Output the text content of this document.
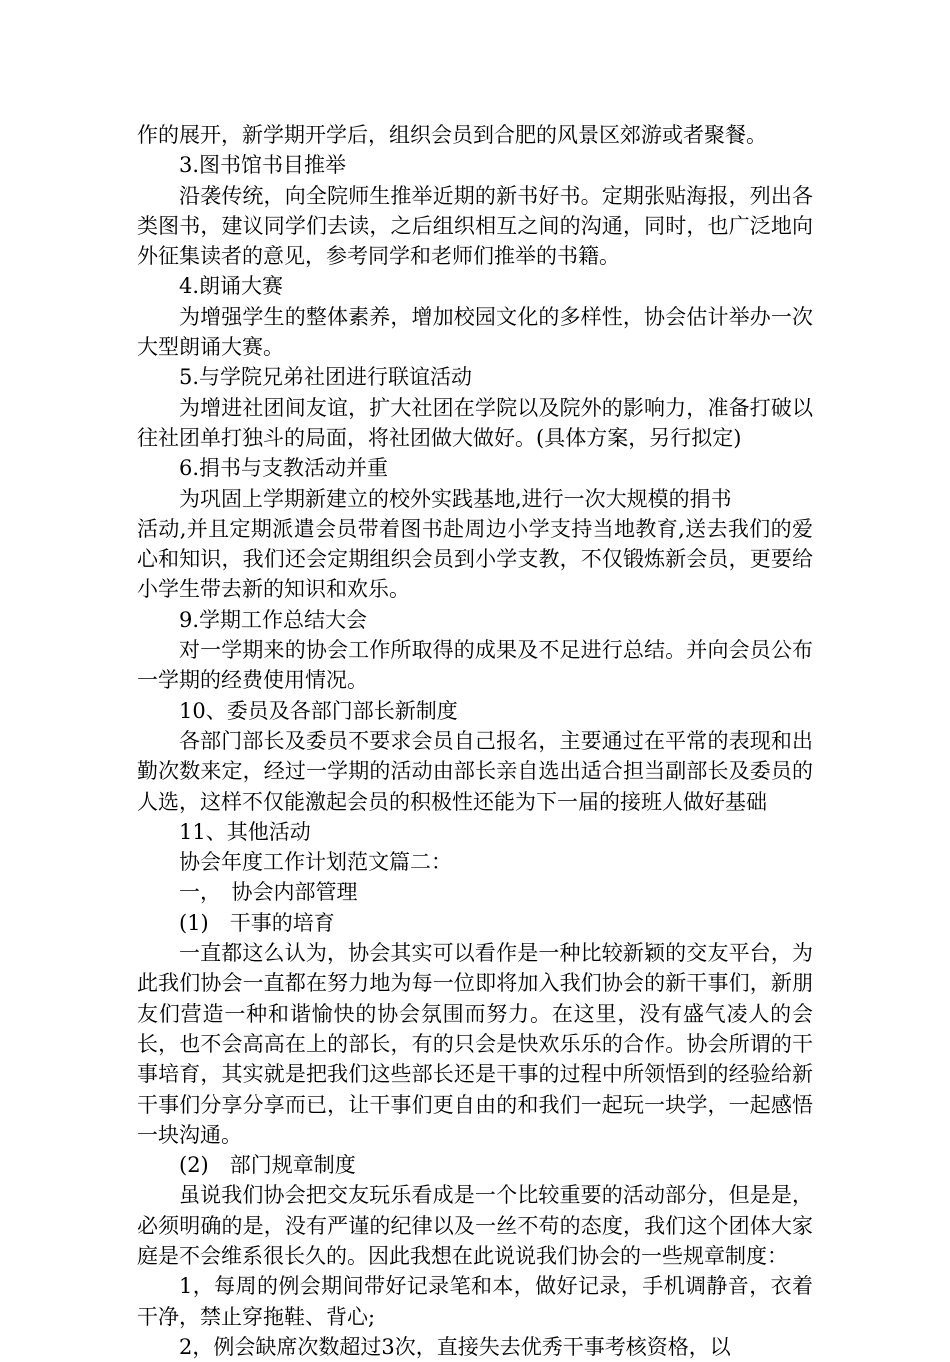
作的展开，新学期开学后，组织会员到合肥的风景区郊游或者聚餐。

3.图书馆书目推举

沿袭传统，向全院师生推举近期的新书好书。定期张贴海报，列出各类图书，建议同学们去读，之后组织相互之间的沟通，同时，也广泛地向外征集读者的意见，参考同学和老师们推举的书籍。

4.朗诵大赛

为增强学生的整体素养，增加校园文化的多样性，协会估计举办一次大型朗诵大赛。

5.与学院兄弟社团进行联谊活动

为增进社团间友谊，扩大社团在学院以及院外的影响力，准备打破以往社团单打独斗的局面，将社团做大做好。(具体方案，另行拟定)

6.捐书与支教活动并重

为巩固上学期新建立的校外实践基地,进行一次大规模的捐书

活动,并且定期派遣会员带着图书赴周边小学支持当地教育,送去我们的爱心和知识，我们还会定期组织会员到小学支教，不仅锻炼新会员，更要给小学生带去新的知识和欢乐。

9.学期工作总结大会

对一学期来的协会工作所取得的成果及不足进行总结。并向会员公布一学期的经费使用情况。

10、委员及各部门部长新制度

各部门部长及委员不要求会员自己报名，主要通过在平常的表现和出勤次数来定，经过一学期的活动由部长亲自选出适合担当副部长及委员的人选，这样不仅能激起会员的积极性还能为下一届的接班人做好基础

11、其他活动

协会年度工作计划范文篇二：

一，　协会内部管理

(1)　干事的培育

一直都这么认为，协会其实可以看作是一种比较新颖的交友平台，为此我们协会一直都在努力地为每一位即将加入我们协会的新干事们，新朋友们营造一种和谐愉快的协会氛围而努力。在这里，没有盛气凌人的会长，也不会高高在上的部长，有的只会是快欢乐乐的合作。协会所谓的干事培育，其实就是把我们这些部长还是干事的过程中所领悟到的经验给新干事们分享分享而已，让干事们更自由的和我们一起玩一块学，一起感悟一块沟通。

(2)　部门规章制度

虽说我们协会把交友玩乐看成是一个比较重要的活动部分，但是是，必须明确的是，没有严谨的纪律以及一丝不苟的态度，我们这个团体大家庭是不会维系很长久的。因此我想在此说说我们协会的一些规章制度：

1，每周的例会期间带好记录笔和本，做好记录，手机调静音，衣着干净，禁止穿拖鞋、背心;

2，例会缺席次数超过3次，直接失去优秀干事考核资格，以
